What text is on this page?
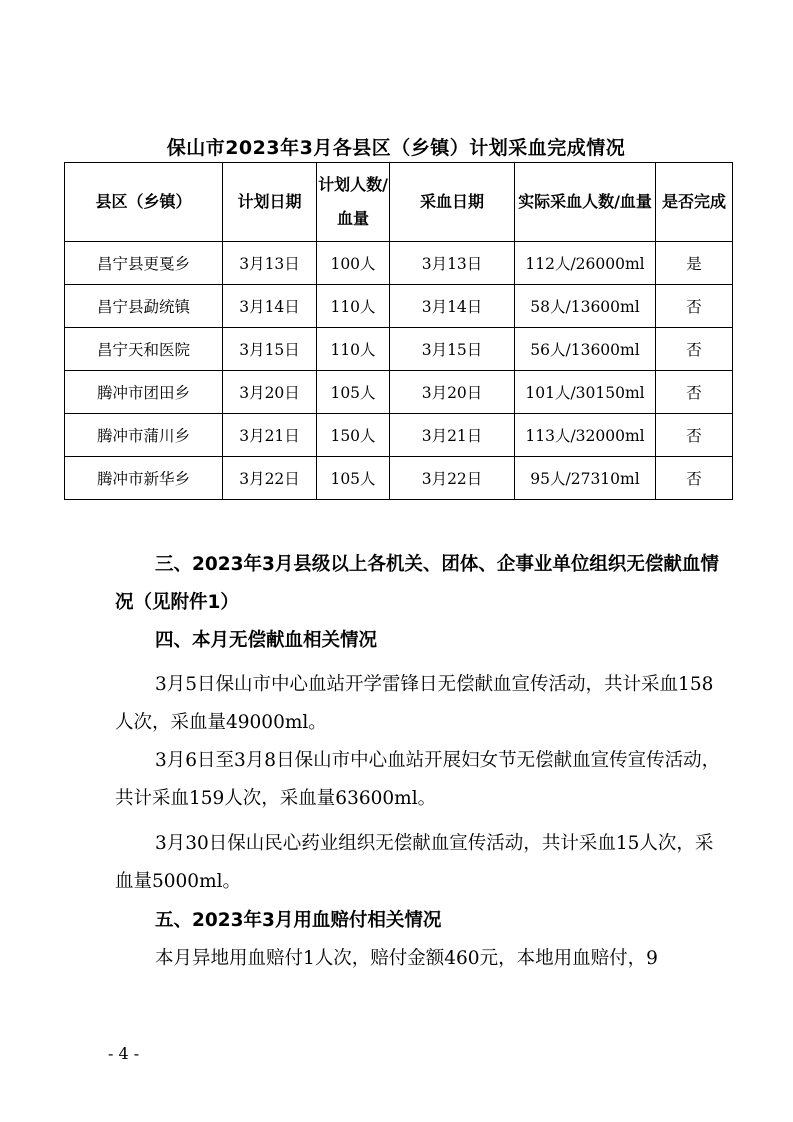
保山市2023年3月各县区（乡镇）计划采血完成情况
县区（乡镇）	计划日期	计划人数/血量	采血日期	实际采血人数/血量	是否完成
昌宁县更戛乡	3月13日	100人	3月13日	112人/26000ml	是
昌宁县勐统镇	3月14日	110人	3月14日	58人/13600ml	否
昌宁天和医院	3月15日	110人	3月15日	56人/13600ml	否
腾冲市团田乡	3月20日	105人	3月20日	101人/30150ml	否
腾冲市蒲川乡	3月21日	150人	3月21日	113人/32000ml	否
腾冲市新华乡	3月22日	105人	3月22日	95人/27310ml	否

三、2023年3月县级以上各机关、团体、企事业单位组织无偿献血情况（见附件1）

四、本月无偿献血相关情况

3月5日保山市中心血站开学雷锋日无偿献血宣传活动，共计采血158人次，采血量49000ml。

3月6日至3月8日保山市中心血站开展妇女节无偿献血宣传宣传活动，共计采血159人次，采血量63600ml。

3月30日保山民心药业组织无偿献血宣传活动，共计采血15人次，采血量5000ml。

五、2023年3月用血赔付相关情况

本月异地用血赔付1人次，赔付金额460元，本地用血赔付，9

- 4 -
